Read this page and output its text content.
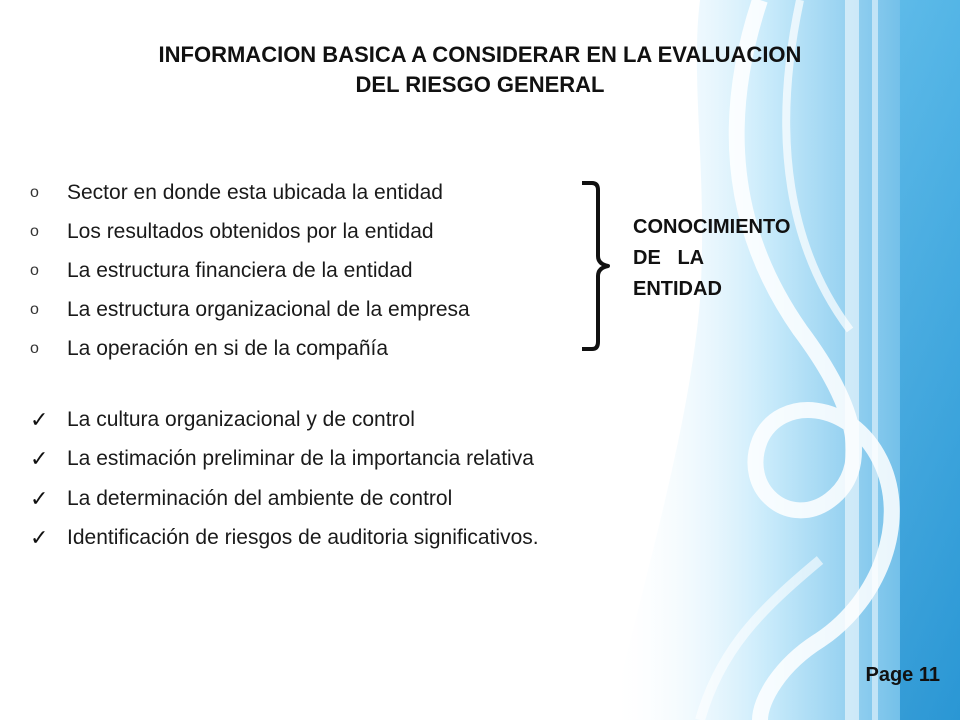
INFORMACION BASICA A CONSIDERAR EN LA EVALUACION
DEL RIESGO GENERAL
o	Sector en donde esta ubicada la entidad
o	Los resultados obtenidos por la entidad
o	La estructura financiera de la entidad
o	La estructura organizacional de la empresa
o	La operación en si de la compañía
CONOCIMIENTO
DE   LA
ENTIDAD
✓ La cultura organizacional y de control
✓ La estimación preliminar de la importancia relativa
✓ La determinación del ambiente de control
✓ Identificación de riesgos de auditoria significativos.
Page 11
